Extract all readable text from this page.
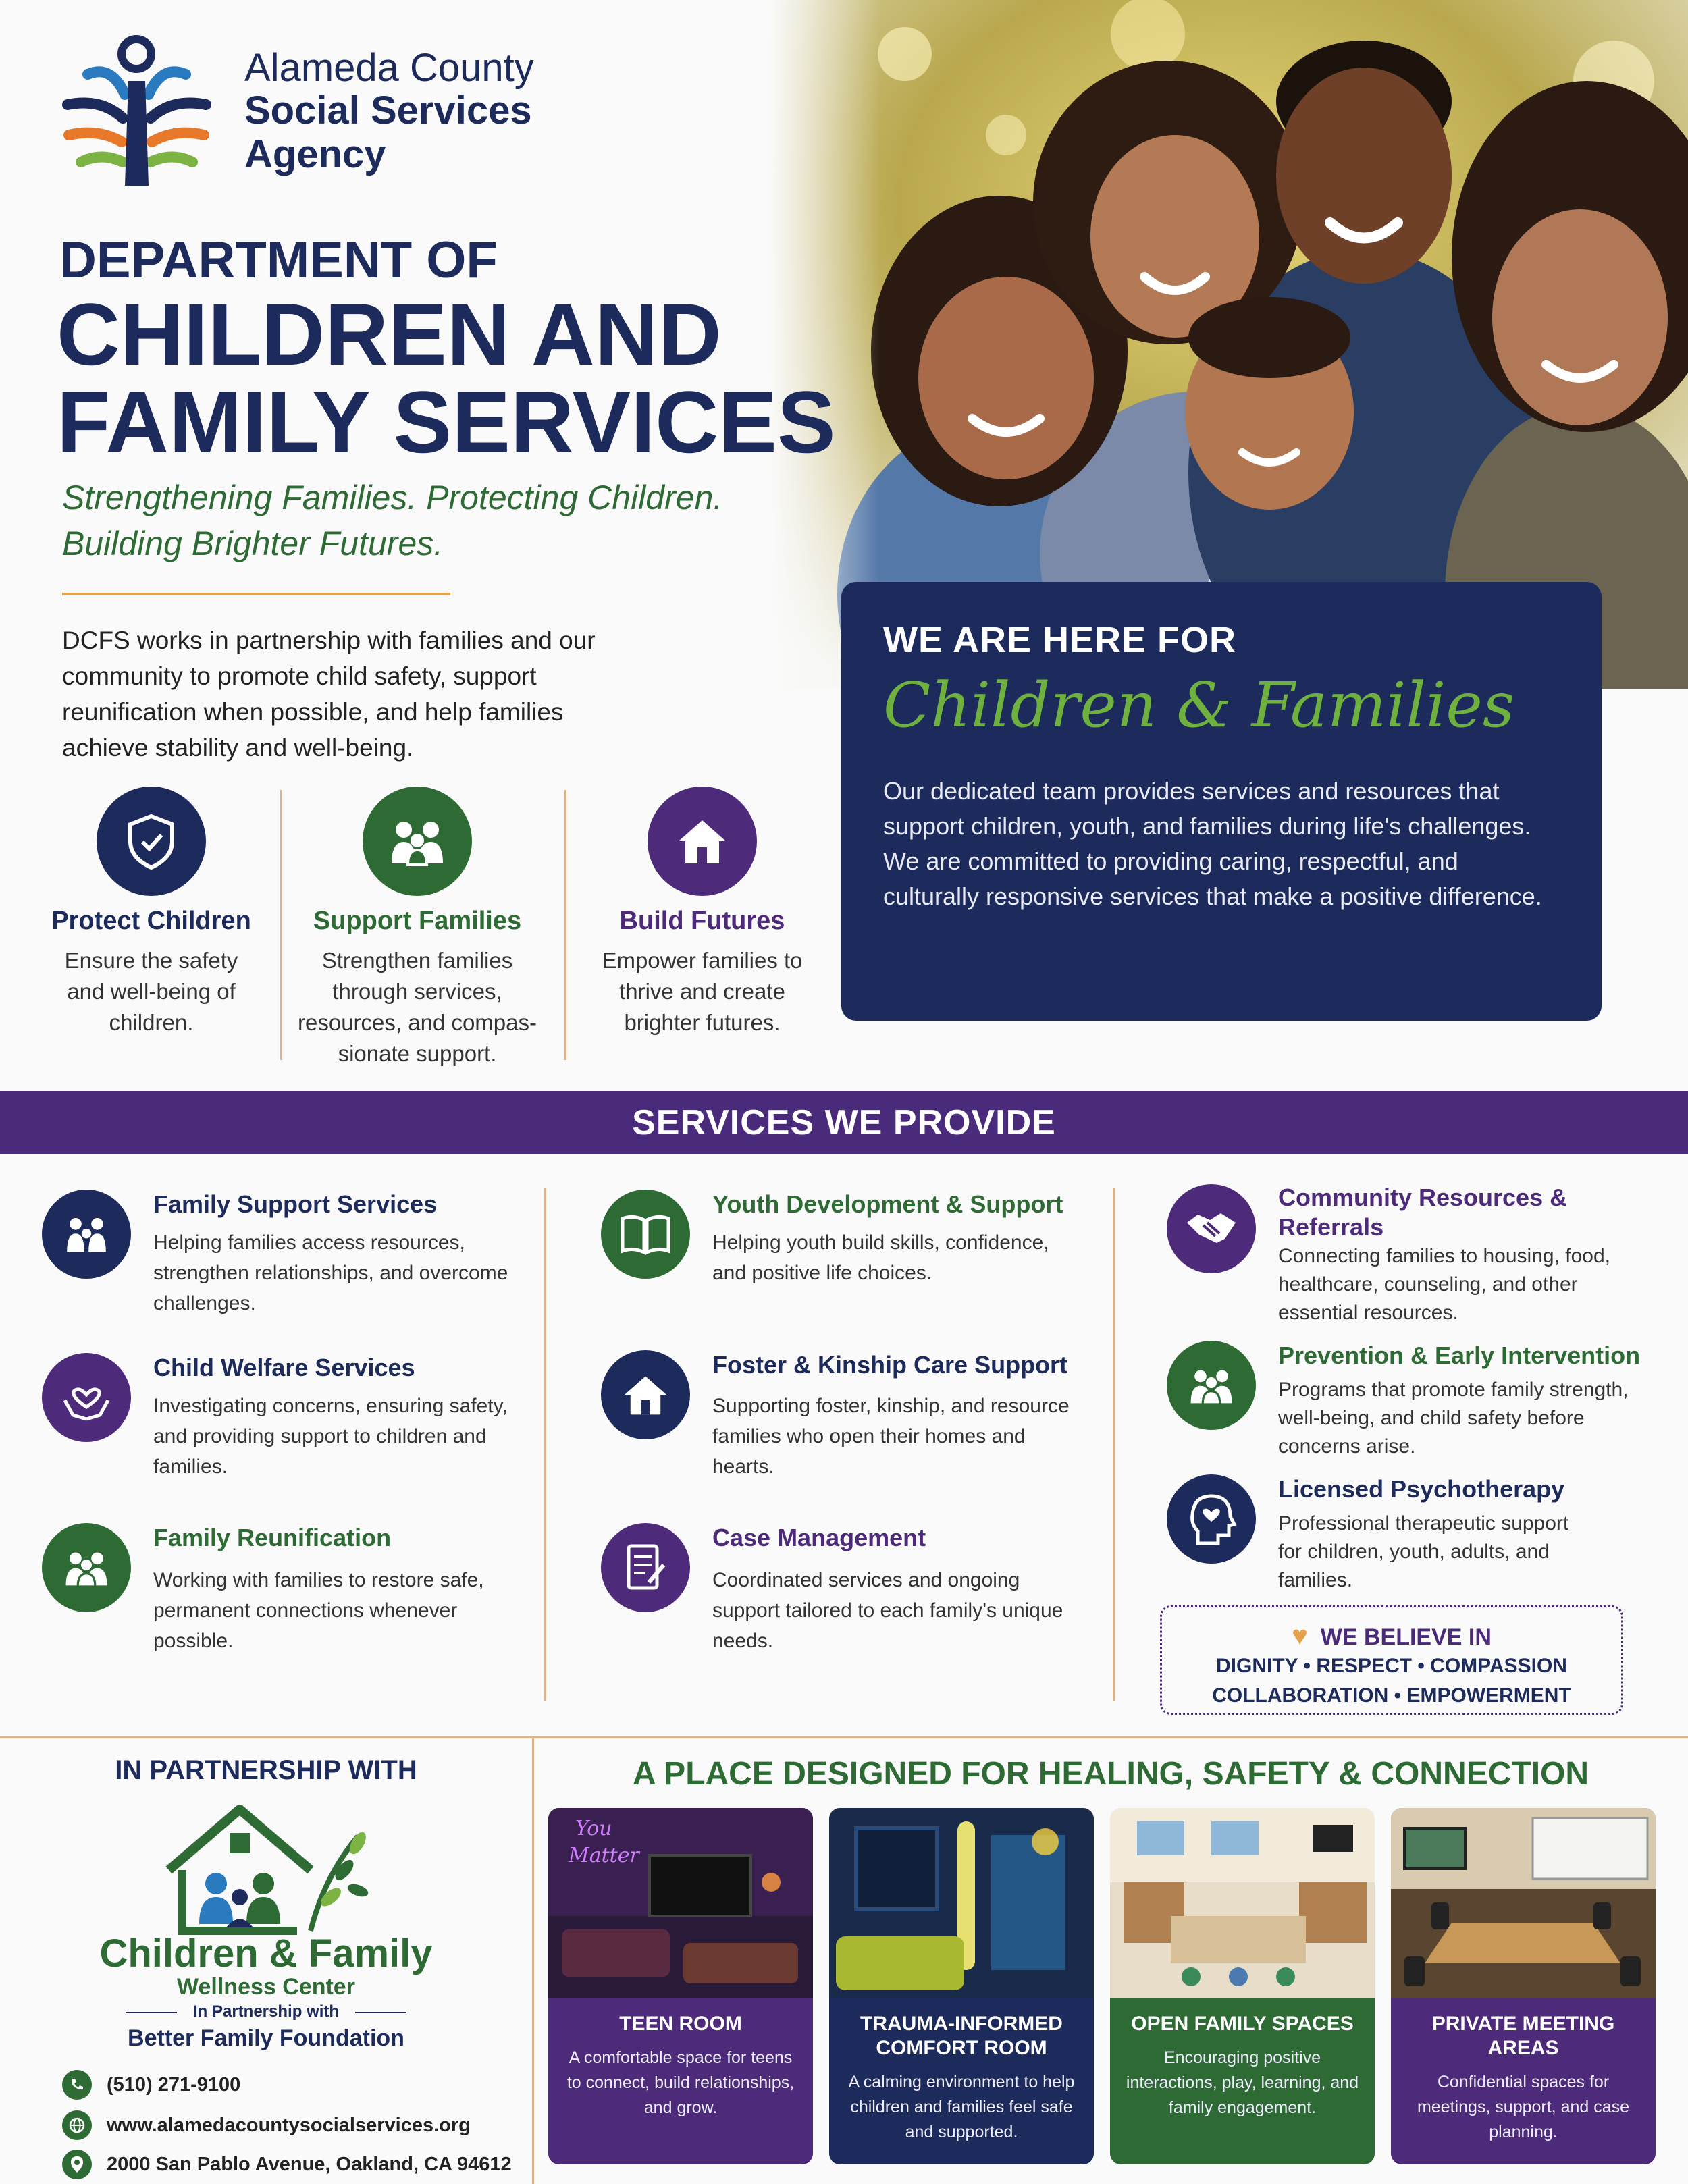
Alameda County
Social Services
Agency
DEPARTMENT OF
CHILDREN AND
FAMILY SERVICES
Strengthening Families. Protecting Children.
Building Brighter Futures.
DCFS works in partnership with families and our community to promote child safety, support reunification when possible, and help families achieve stability and well-being.
Protect Children

Ensure the safety and well-being of children.

Support Families

Strengthen families through services, resources, and compas-sionate support.

Build Futures

Empower families to thrive and create brighter futures.

WE ARE HERE FOR
Children & Families

Our dedicated team provides services and resources that support children, youth, and families during life's challenges. We are committed to providing caring, respectful, and culturally responsive services that make a positive difference.

SERVICES WE PROVIDE
Family Support Services

Helping families access resources, strengthen relationships, and overcome challenges.

Child Welfare Services

Investigating concerns, ensuring safety, and providing support to children and families.

Family Reunification

Working with families to restore safe, permanent connections whenever possible.

Youth Development & Support

Helping youth build skills, confidence, and positive life choices.

Foster & Kinship Care Support

Supporting foster, kinship, and resource families who open their homes and hearts.

Case Management

Coordinated services and ongoing support tailored to each family's unique needs.

Community Resources & Referrals

Connecting families to housing, food, healthcare, counseling, and other essential resources.

Prevention & Early Intervention

Programs that promote family strength, well-being, and child safety before concerns arise.

Licensed Psychotherapy

Professional therapeutic support for children, youth, adults, and families.

♥ WE BELIEVE IN
DIGNITY • RESPECT • COMPASSION
COLLABORATION • EMPOWERMENT
IN PARTNERSHIP WITH
Children & Family
Wellness Center
In Partnership with
Better Family Foundation
(510) 271-9100
www.alamedacountysocialservices.org
2000 San Pablo Avenue, Oakland, CA 94612
A PLACE DESIGNED FOR HEALING, SAFETY & CONNECTION
You
Matter
TEEN ROOM

A comfortable space for teens to connect, build relationships, and grow.

TRAUMA-INFORMED COMFORT ROOM

A calming environment to help children and families feel safe and supported.

OPEN FAMILY SPACES

Encouraging positive interactions, play, learning, and family engagement.

PRIVATE MEETING AREAS

Confidential spaces for meetings, support, and case planning.
